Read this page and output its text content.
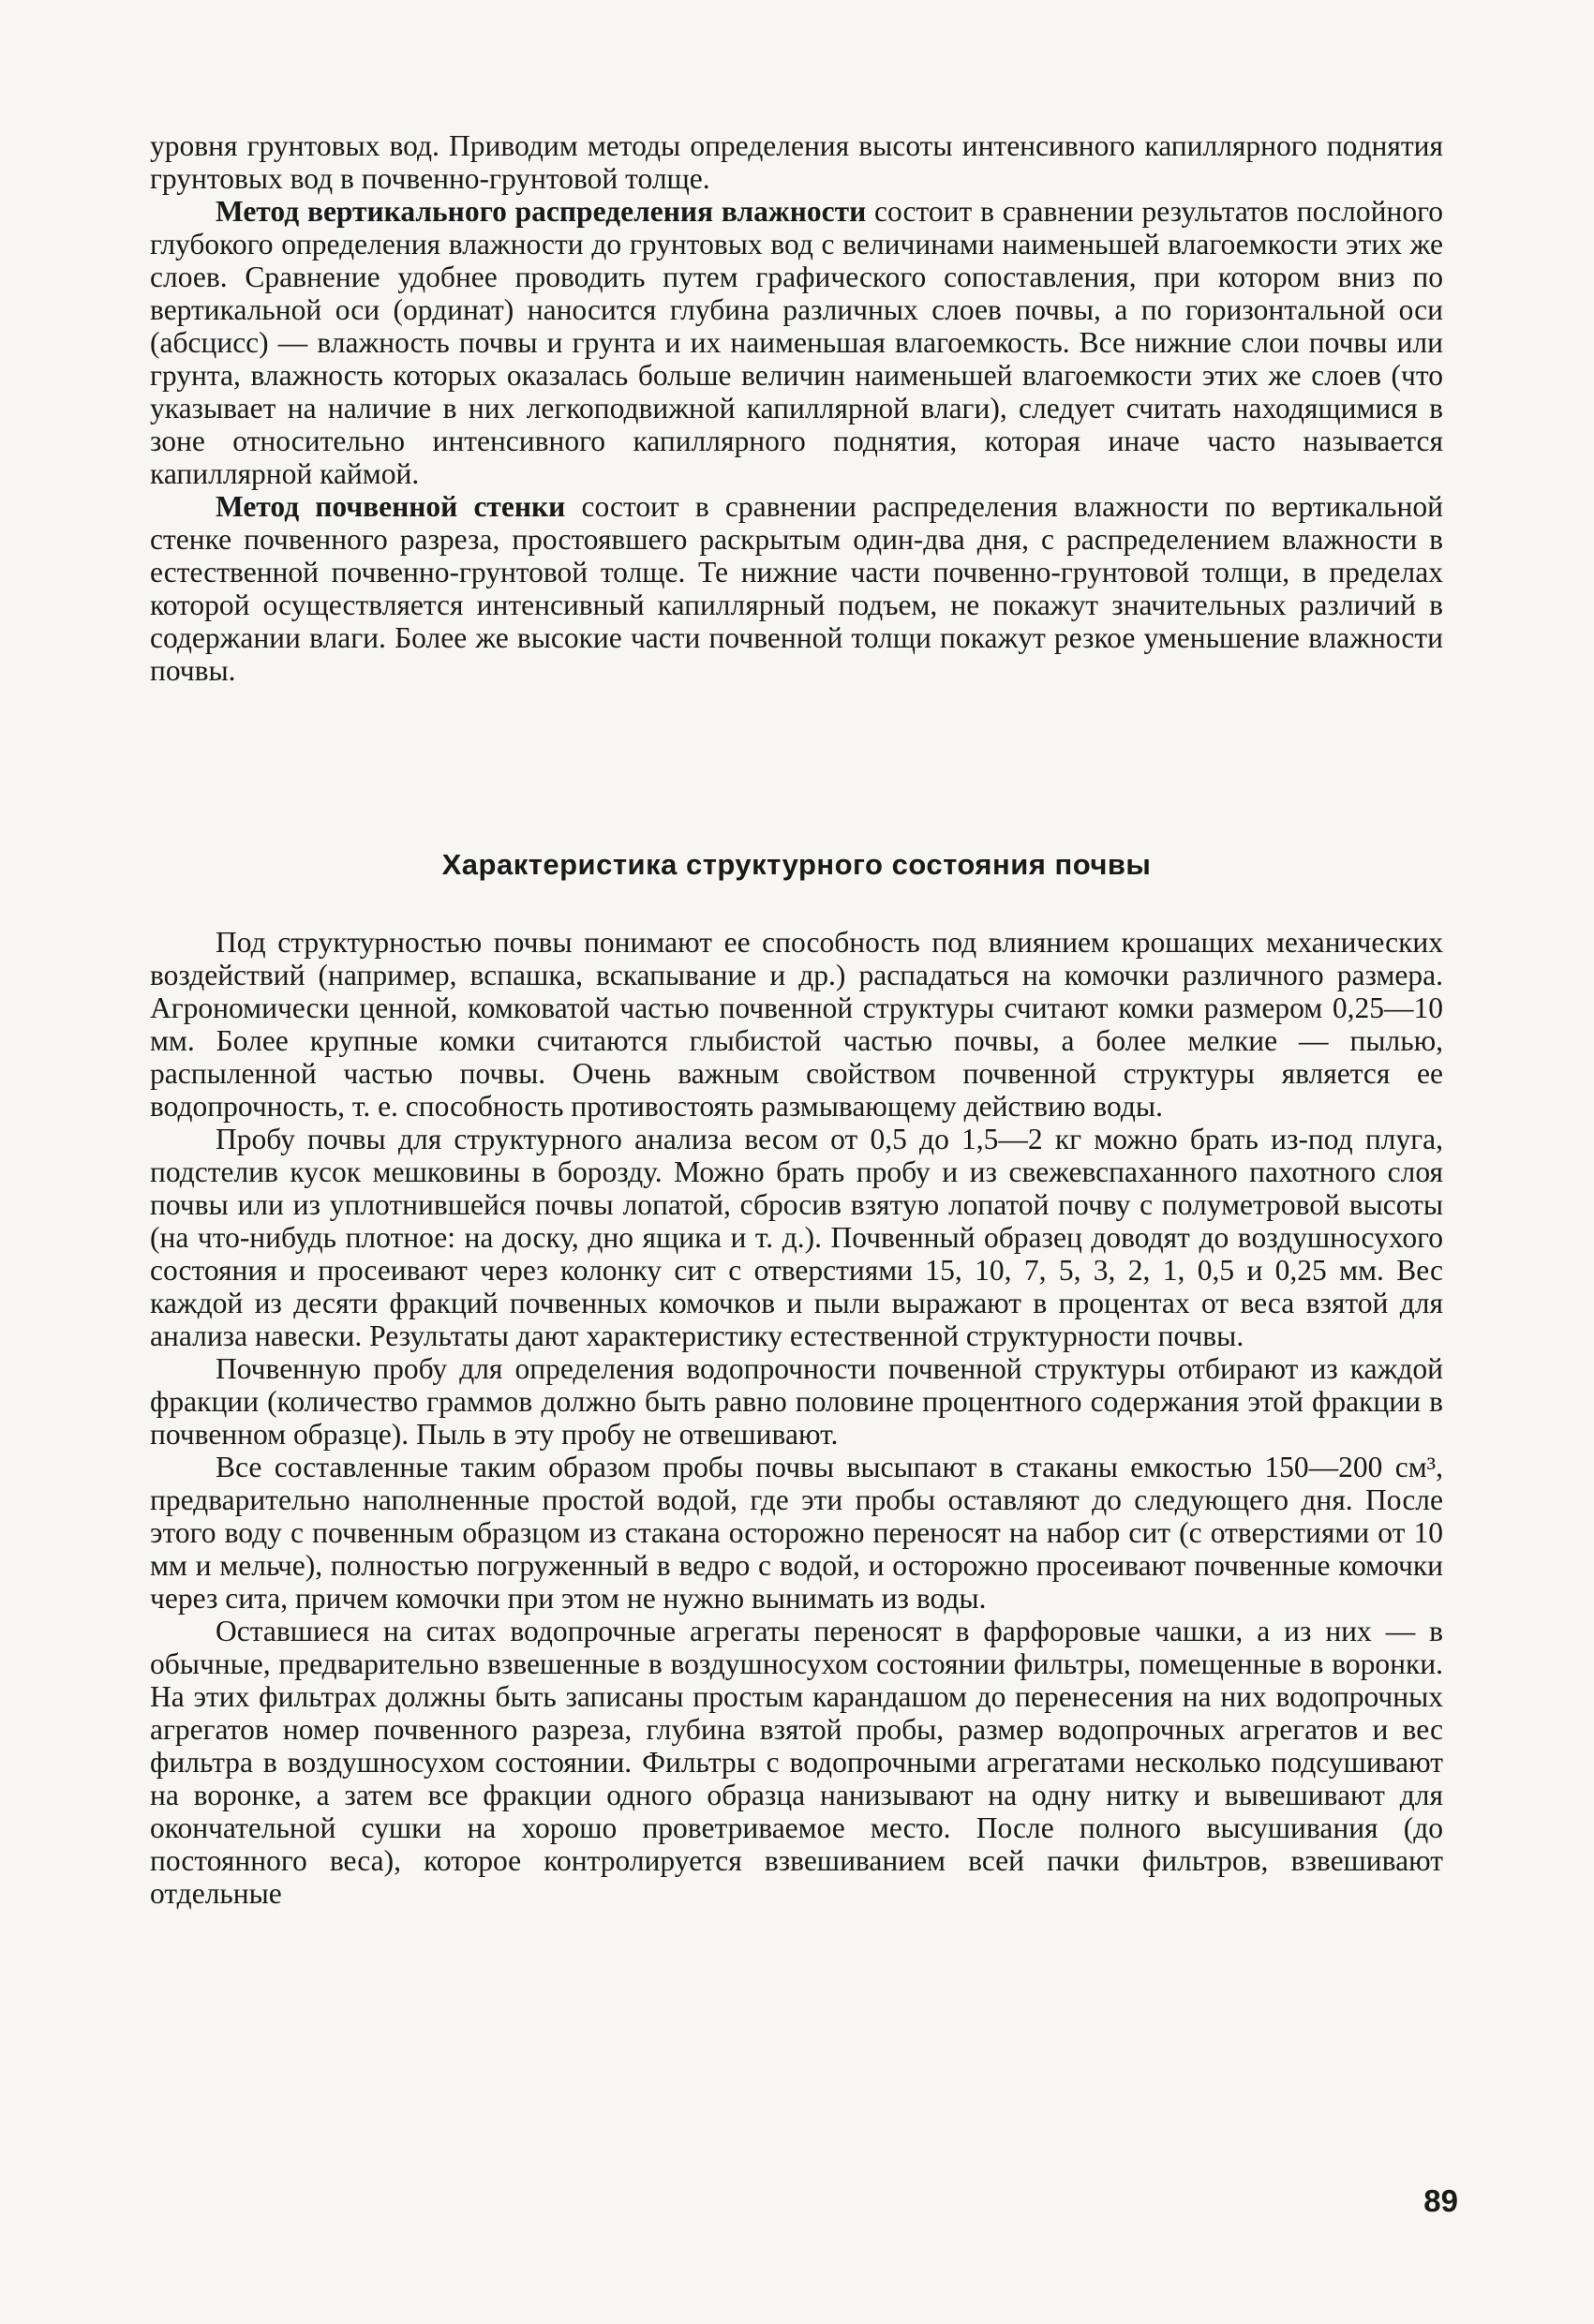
уровня грунтовых вод. Приводим методы определения высоты интенсивного капиллярного поднятия грунтовых вод в почвенно-грунтовой толще.

Метод вертикального распределения влажности состоит в сравнении результатов послойного глубокого определения влажности до грунтовых вод с величинами наименьшей влагоемкости этих же слоев. Сравнение удобнее проводить путем графического сопоставления, при котором вниз по вертикальной оси (ординат) наносится глубина различных слоев почвы, а по горизонтальной оси (абсцисс) — влажность почвы и грунта и их наименьшая влагоемкость. Все нижние слои почвы или грунта, влажность которых оказалась больше величин наименьшей влагоемкости этих же слоев (что указывает на наличие в них легкоподвижной капиллярной влаги), следует считать находящимися в зоне относительно интенсивного капиллярного поднятия, которая иначе часто называется капиллярной каймой.

Метод почвенной стенки состоит в сравнении распределения влажности по вертикальной стенке почвенного разреза, простоявшего раскрытым один-два дня, с распределением влажности в естественной почвенно-грунтовой толще. Те нижние части почвенно-грунтовой толщи, в пределах которой осуществляется интенсивный капиллярный подъем, не покажут значительных различий в содержании влаги. Более же высокие части почвенной толщи покажут резкое уменьшение влажности почвы.

Характеристика структурного состояния почвы

Под структурностью почвы понимают ее способность под влиянием крошащих механических воздействий (например, вспашка, вскапывание и др.) распадаться на комочки различного размера. Агрономически ценной, комковатой частью почвенной структуры считают комки размером 0,25—10 мм. Более крупные комки считаются глыбистой частью почвы, а более мелкие — пылью, распыленной частью почвы. Очень важным свойством почвенной структуры является ее водопрочность, т. е. способность противостоять размывающему действию воды.

Пробу почвы для структурного анализа весом от 0,5 до 1,5—2 кг можно брать из-под плуга, подстелив кусок мешковины в борозду. Можно брать пробу и из свежевспаханного пахотного слоя почвы или из уплотнившейся почвы лопатой, сбросив взятую лопатой почву с полуметровой высоты (на что-нибудь плотное: на доску, дно ящика и т. д.). Почвенный образец доводят до воздушносухого состояния и просеивают через колонку сит с отверстиями 15, 10, 7, 5, 3, 2, 1, 0,5 и 0,25 мм. Вес каждой из десяти фракций почвенных комочков и пыли выражают в процентах от веса взятой для анализа навески. Результаты дают характеристику естественной структурности почвы.

Почвенную пробу для определения водопрочности почвенной структуры отбирают из каждой фракции (количество граммов должно быть равно половине процентного содержания этой фракции в почвенном образце). Пыль в эту пробу не отвешивают.

Все составленные таким образом пробы почвы высыпают в стаканы емкостью 150—200 см³, предварительно наполненные простой водой, где эти пробы оставляют до следующего дня. После этого воду с почвенным образцом из стакана осторожно переносят на набор сит (с отверстиями от 10 мм и мельче), полностью погруженный в ведро с водой, и осторожно просеивают почвенные комочки через сита, причем комочки при этом не нужно вынимать из воды.

Оставшиеся на ситах водопрочные агрегаты переносят в фарфоровые чашки, а из них — в обычные, предварительно взвешенные в воздушносухом состоянии фильтры, помещенные в воронки. На этих фильтрах должны быть записаны простым карандашом до перенесения на них водопрочных агрегатов номер почвенного разреза, глубина взятой пробы, размер водопрочных агрегатов и вес фильтра в воздушносухом состоянии. Фильтры с водопрочными агрегатами несколько подсушивают на воронке, а затем все фракции одного образца нанизывают на одну нитку и вывешивают для окончательной сушки на хорошо проветриваемое место. После полного высушивания (до постоянного веса), которое контролируется взвешиванием всей пачки фильтров, взвешивают отдельные

89
